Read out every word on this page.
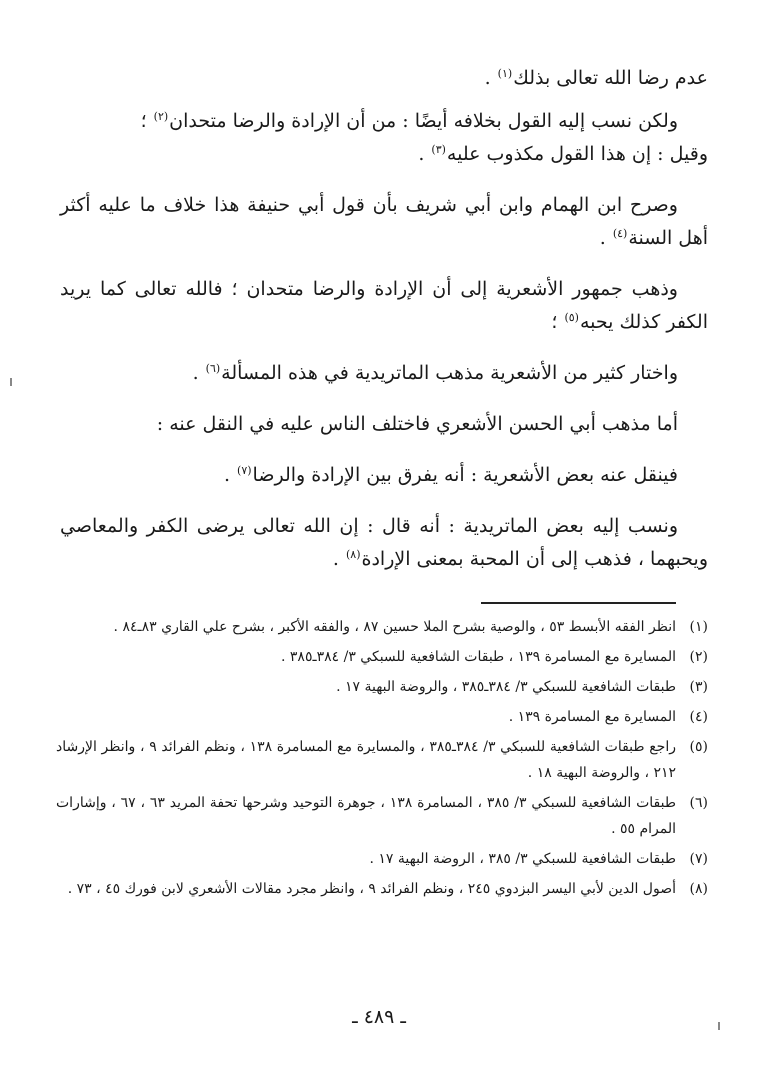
عدم رضا الله تعالى بذلك$^{(١)}$ .

ولكن نسب إليه القول بخلافه أيضًا : من أن الإرادة والرضا متحدان$^{(٢)}$ ؛

وقيل : إن هذا القول مكذوب عليه$^{(٣)}$ .

وصرح ابن الهمام وابن أبي شريف بأن قول أبي حنيفة هذا خلاف ما عليه أكثر أهل السنة$^{(٤)}$ .

وذهب جمهور الأشعرية إلى أن الإرادة والرضا متحدان ؛ فالله تعالى كما يريد الكفر كذلك يحبه$^{(٥)}$ ؛

واختار كثير من الأشعرية مذهب الماتريدية في هذه المسألة$^{(٦)}$ .

أما مذهب أبي الحسن الأشعري فاختلف الناس عليه في النقل عنه :

فينقل عنه بعض الأشعرية : أنه يفرق بين الإرادة والرضا$^{(٧)}$ .

ونسب إليه بعض الماتريدية : أنه قال : إن الله تعالى يرضى الكفر والمعاصي ويحبهما ، فذهب إلى أن المحبة بمعنى الإرادة$^{(٨)}$ .

(١)
انظر الفقه الأبسط ٥٣ ، والوصية بشرح الملا حسين ٨٧ ، والفقه الأكبر ، بشرح علي القاري ٨٣ـ٨٤ .
(٢)
المسايرة مع المسامرة ١٣٩ ، طبقات الشافعية للسبكي ٣/ ٣٨٤ـ٣٨٥ .
(٣)
طبقات الشافعية للسبكي ٣/ ٣٨٤ـ٣٨٥ ، والروضة البهية ١٧ .
(٤)
المسايرة مع المسامرة ١٣٩ .
(٥)
راجع طبقات الشافعية للسبكي ٣/ ٣٨٤ـ٣٨٥ ، والمسايرة مع المسامرة ١٣٨ ، ونظم الفرائد ٩ ، وانظر الإرشاد ٢١٢ ، والروضة البهية ١٨ .
(٦)
طبقات الشافعية للسبكي ٣/ ٣٨٥ ، المسامرة ١٣٨ ، جوهرة التوحيد وشرحها تحفة المريد ٦٣ ، ٦٧ ، وإشارات المرام ٥٥ .
(٧)
طبقات الشافعية للسبكي ٣/ ٣٨٥ ، الروضة البهية ١٧ .
(٨)
أصول الدين لأبي اليسر البزدوي ٢٤٥ ، ونظم الفرائد ٩ ، وانظر مجرد مقالات الأشعري لابن فورك ٤٥ ، ٧٣ .
ـ ٤٨٩ ـ
